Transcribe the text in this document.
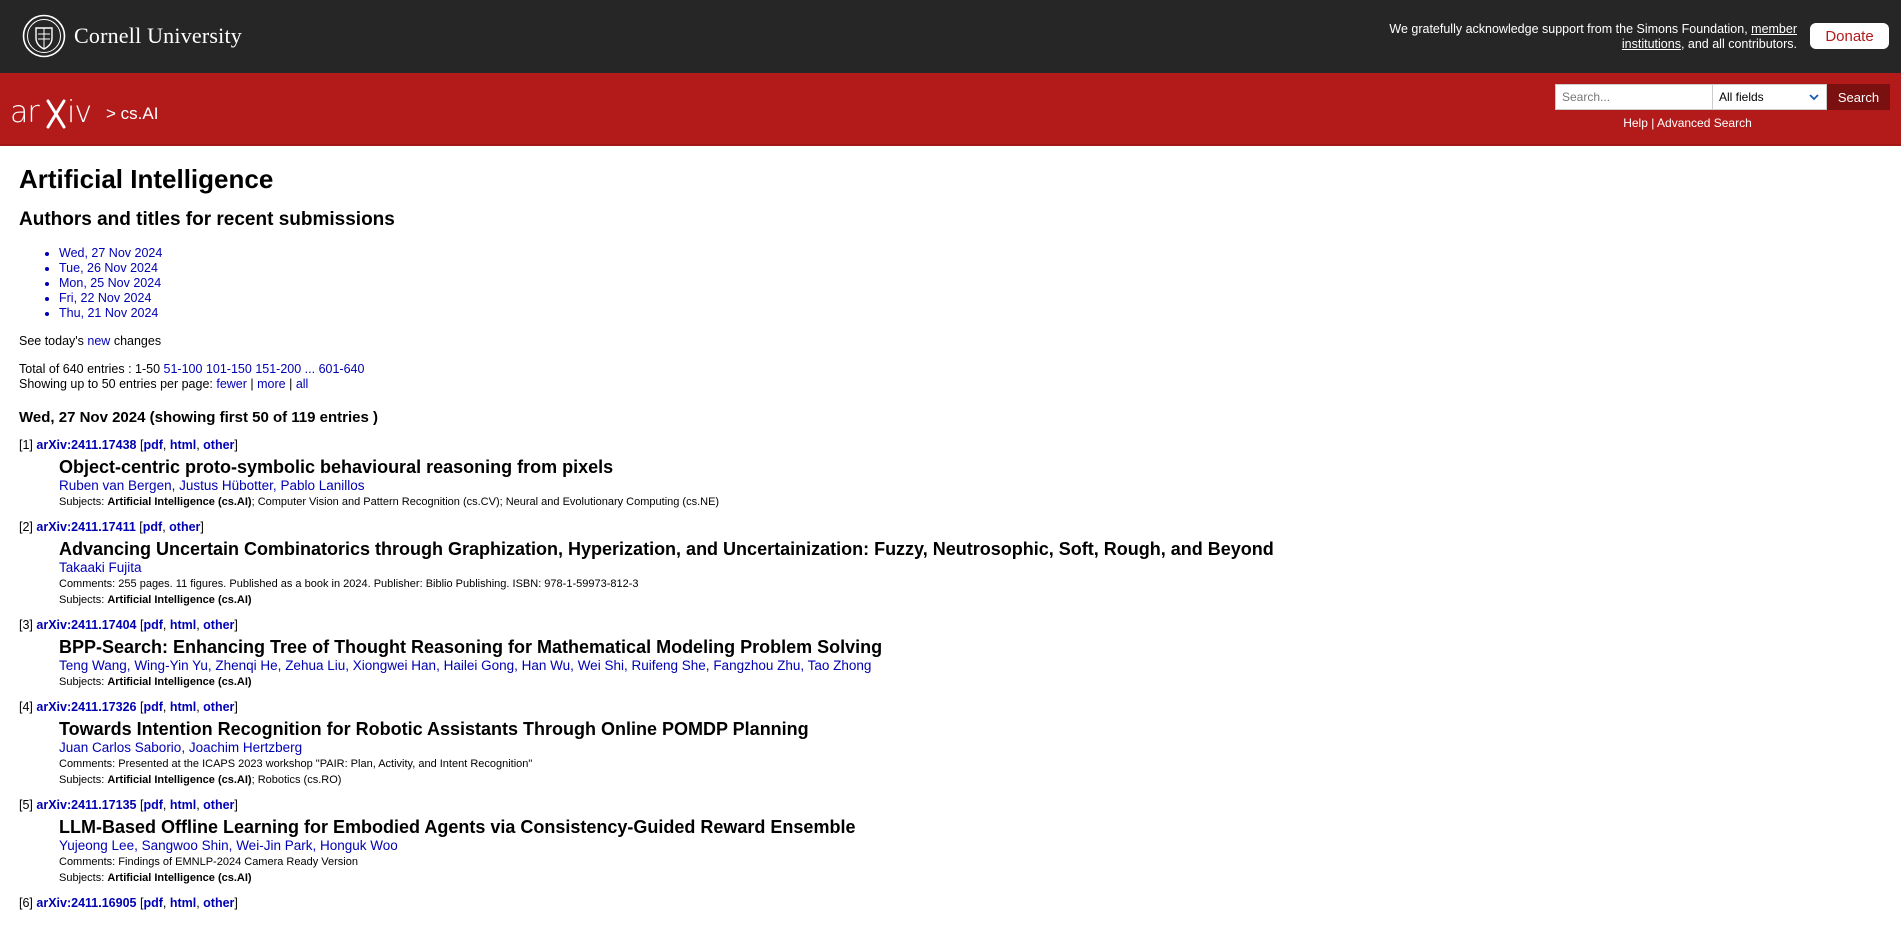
Cornell University	We gratefully acknowledge support from the Simons Foundation, member institutions, and all contributors.	Donate
ar iv > cs.AI
Search...
All fields	Search
Help | Advanced Search
Artificial Intelligence
Authors and titles for recent submissions
• Wed, 27 Nov 2024
• Tue, 26 Nov 2024
• Mon, 25 Nov 2024
• Fri, 22 Nov 2024
• Thu, 21 Nov 2024
See today's new changes
Total of 640 entries : 1-50 51-100 101-150 151-200 ... 601-640
Showing up to 50 entries per page: fewer | more | all
Wed, 27 Nov 2024 (showing first 50 of 119 entries )
[1] arXiv:2411.17438 [pdf, html, other]
Object-centric proto-symbolic behavioural reasoning from pixels
Ruben van Bergen, Justus Hübotter, Pablo Lanillos
Subjects: Artificial Intelligence (cs.AI); Computer Vision and Pattern Recognition (cs.CV); Neural and Evolutionary Computing (cs.NE)
[2] arXiv:2411.17411 [pdf, other]
Advancing Uncertain Combinatorics through Graphization, Hyperization, and Uncertainization: Fuzzy, Neutrosophic, Soft, Rough, and Beyond
Takaaki Fujita
Comments: 255 pages. 11 figures. Published as a book in 2024. Publisher: Biblio Publishing. ISBN: 978-1-59973-812-3
Subjects: Artificial Intelligence (cs.AI)
[3] arXiv:2411.17404 [pdf, html, other]
BPP-Search: Enhancing Tree of Thought Reasoning for Mathematical Modeling Problem Solving
Teng Wang, Wing-Yin Yu, Zhenqi He, Zehua Liu, Xiongwei Han, Hailei Gong, Han Wu, Wei Shi, Ruifeng She, Fangzhou Zhu, Tao Zhong
Subjects: Artificial Intelligence (cs.AI)
[4] arXiv:2411.17326 [pdf, html, other]
Towards Intention Recognition for Robotic Assistants Through Online POMDP Planning
Juan Carlos Saborio, Joachim Hertzberg
Comments: Presented at the ICAPS 2023 workshop "PAIR: Plan, Activity, and Intent Recognition"
Subjects: Artificial Intelligence (cs.AI); Robotics (cs.RO)
[5] arXiv:2411.17135 [pdf, html, other]
LLM-Based Offline Learning for Embodied Agents via Consistency-Guided Reward Ensemble
Yujeong Lee, Sangwoo Shin, Wei-Jin Park, Honguk Woo
Comments: Findings of EMNLP-2024 Camera Ready Version
Subjects: Artificial Intelligence (cs.AI)
[6] arXiv:2411.16905 [pdf, html, other]
